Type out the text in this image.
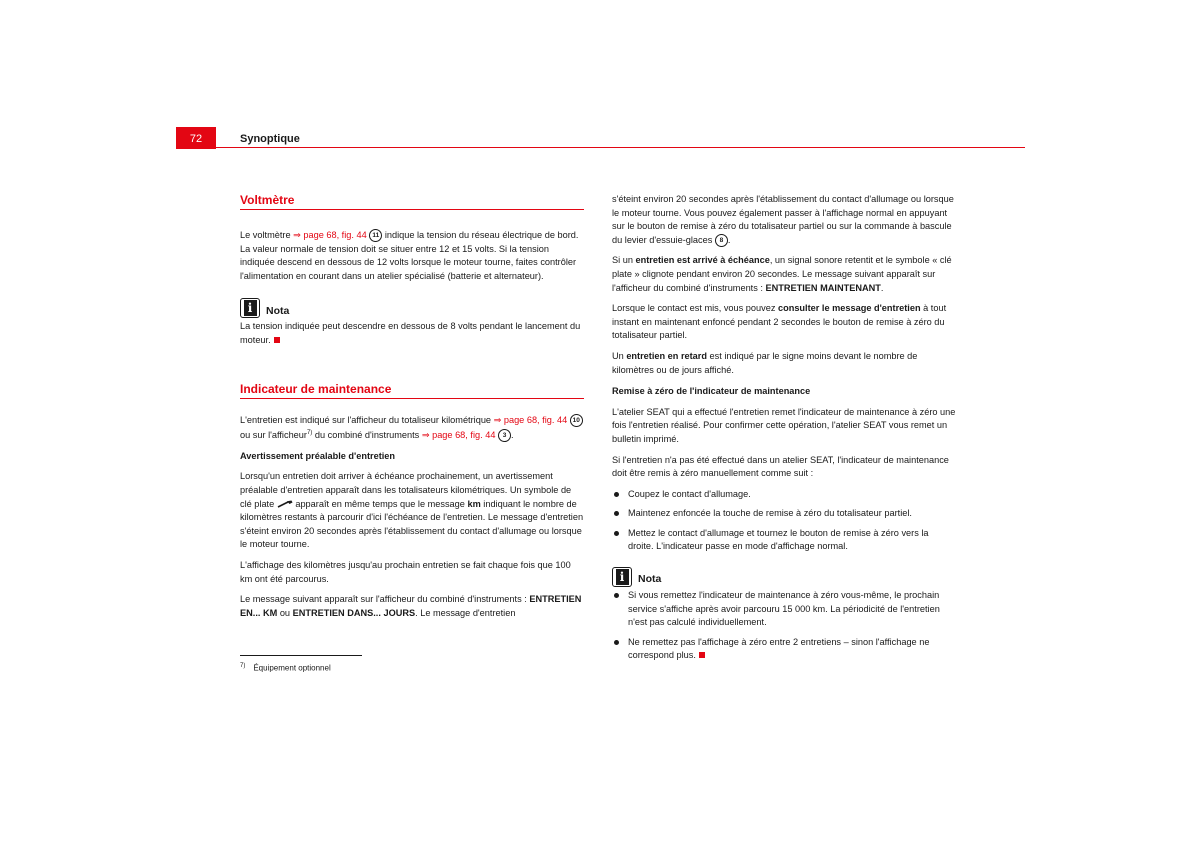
72	Synoptique
Voltmètre

Le voltmètre ⇒ page 68, fig. 44 11 indique la tension du réseau électrique de bord. La valeur normale de tension doit se situer entre 12 et 15 volts. Si la tension indiquée descend en dessous de 12 volts lorsque le moteur tourne, faites contrôler l'alimentation en courant dans un atelier spécialisé (batterie et alternateur).

i	Nota

La tension indiquée peut descendre en dessous de 8 volts pendant le lancement du moteur.

Indicateur de maintenance

L'entretien est indiqué sur l'afficheur du totaliseur kilométrique ⇒ page 68, fig. 44 10 ou sur l'afficheur$^{7)}$ du combiné d'instruments ⇒ page 68, fig. 44 3 .

Avertissement préalable d'entretien

Lorsqu'un entretien doit arriver à échéance prochainement, un avertissement préalable d'entretien apparaît dans les totalisateurs kilométriques. Un symbole de clé plate  apparaît en même temps que le message km indiquant le nombre de kilomètres restants à parcourir d'ici l'échéance de l'entretien. Le message d'entretien s'éteint environ 20 secondes après l'établissement du contact d'allumage ou lorsque le moteur tourne.

L'affichage des kilomètres jusqu'au prochain entretien se fait chaque fois que 100 km ont été parcourus.

Le message suivant apparaît sur l'afficheur du combiné d'instruments : ENTRETIEN EN... KM ou ENTRETIEN DANS... JOURS. Le message d'entretien

$^{7)}$ Équipement optionnel

s'éteint environ 20 secondes après l'établissement du contact d'allumage ou lorsque le moteur tourne. Vous pouvez également passer à l'affichage normal en appuyant sur le bouton de remise à zéro du totalisateur partiel ou sur la commande à bascule du levier d'essuie-glaces 8 .

Si un entretien est arrivé à échéance, un signal sonore retentit et le symbole « clé plate » clignote pendant environ 20 secondes. Le message suivant apparaît sur l'afficheur du combiné d'instruments : ENTRETIEN MAINTENANT.

Lorsque le contact est mis, vous pouvez consulter le message d'entretien à tout instant en maintenant enfoncé pendant 2 secondes le bouton de remise à zéro du totalisateur partiel.

Un entretien en retard est indiqué par le signe moins devant le nombre de kilomètres ou de jours affiché.

Remise à zéro de l'indicateur de maintenance

L'atelier SEAT qui a effectué l'entretien remet l'indicateur de maintenance à zéro une fois l'entretien réalisé. Pour confirmer cette opération, l'atelier SEAT vous remet un bulletin imprimé.

Si l'entretien n'a pas été effectué dans un atelier SEAT, l'indicateur de maintenance doit être remis à zéro manuellement comme suit :

Coupez le contact d'allumage.
Maintenez enfoncée la touche de remise à zéro du totalisateur partiel.
Mettez le contact d'allumage et tournez le bouton de remise à zéro vers la droite. L'indicateur passe en mode d'affichage normal.
i	Nota
Si vous remettez l'indicateur de maintenance à zéro vous-même, le prochain service s'affiche après avoir parcouru 15 000 km. La périodicité de l'entretien n'est pas calculé individuellement.
Ne remettez pas l'affichage à zéro entre 2 entretiens – sinon l'affichage ne correspond plus.
